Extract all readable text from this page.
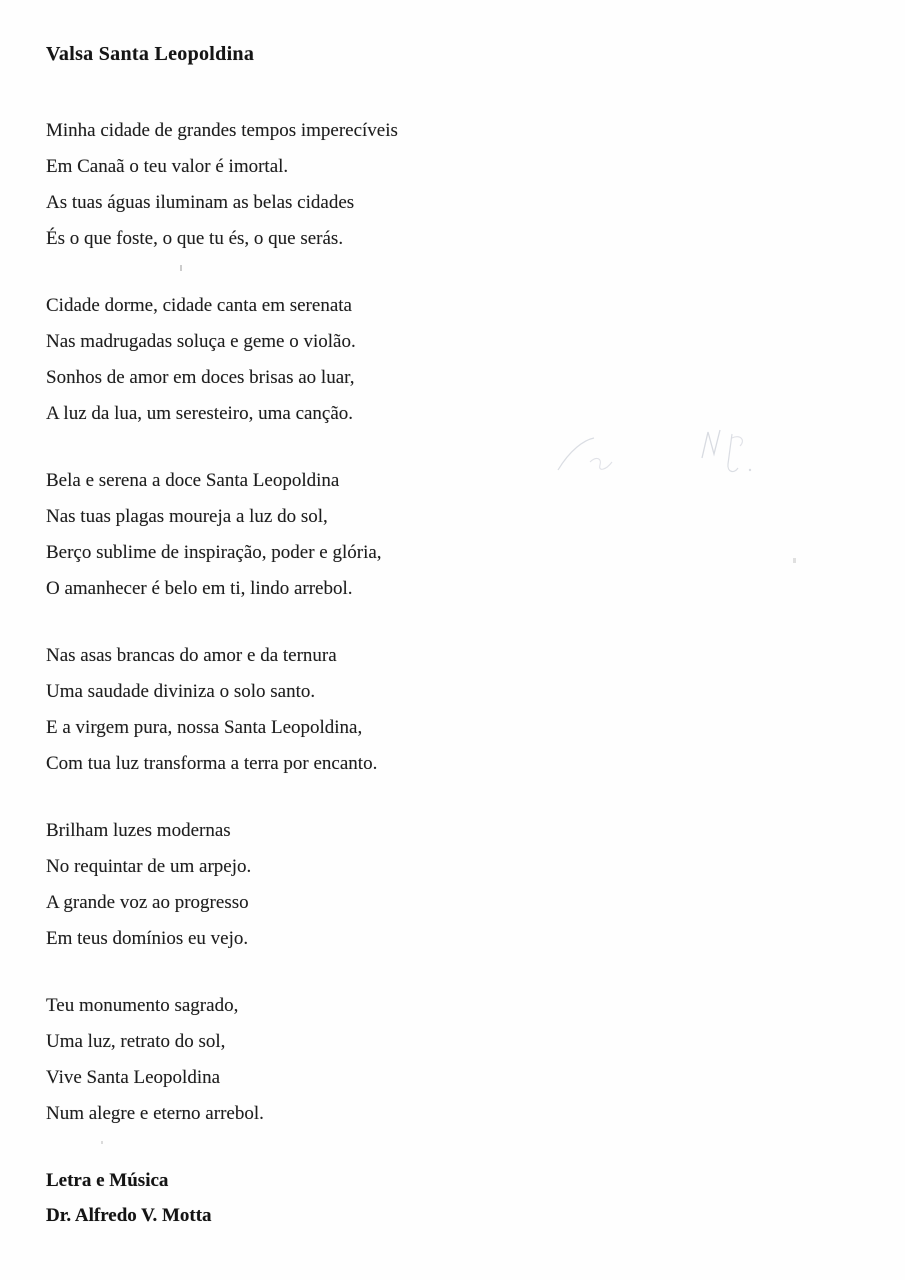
Valsa Santa Leopoldina
Minha cidade de grandes tempos imperecíveis
Em Canaã o teu valor é imortal.
As tuas águas iluminam as belas cidades
És o que foste, o que tu és, o que serás.
Cidade dorme, cidade canta em serenata
Nas madrugadas soluça e geme o violão.
Sonhos de amor em doces brisas ao luar,
A luz da lua, um seresteiro, uma canção.
Bela e serena a doce Santa Leopoldina
Nas tuas plagas moureja a luz do sol,
Berço sublime de inspiração, poder e glória,
O amanhecer é belo em ti, lindo arrebol.
Nas asas brancas do amor e da ternura
Uma saudade diviniza o solo santo.
E a virgem pura, nossa Santa Leopoldina,
Com tua luz transforma a terra por encanto.
Brilham luzes modernas
No requintar de um arpejo.
A grande voz ao progresso
Em teus domínios eu vejo.
Teu monumento sagrado,
Uma luz, retrato do sol,
Vive Santa Leopoldina
Num alegre e eterno arrebol.
Letra e Música
Dr. Alfredo V. Motta
